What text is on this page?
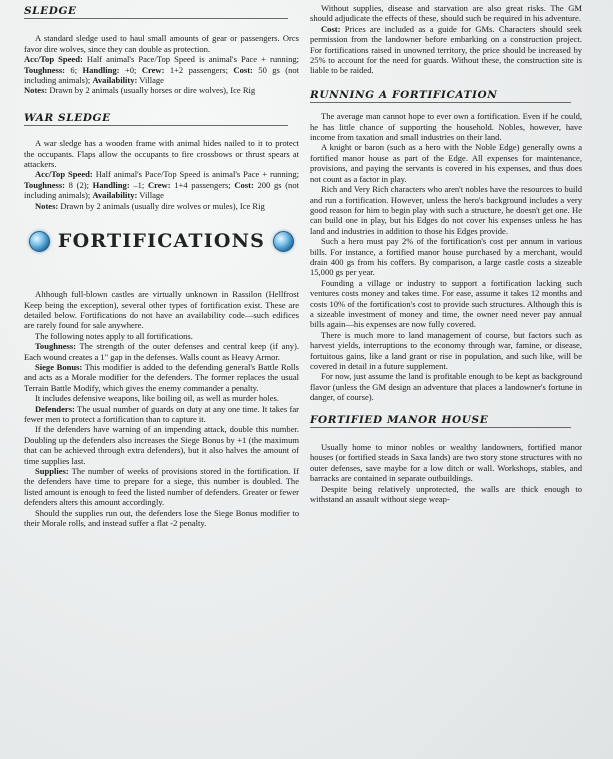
SLEDGE

A standard sledge used to haul small amounts of gear or passengers. Orcs favor dire wolves, since they can double as protection.

Acc/Top Speed: Half animal's Pace/Top Speed is animal's Pace + running; Toughness: 6; Handling: +0; Crew: 1+2 passengers; Cost: 50 gs (not including animals); Availability: Village

Notes: Drawn by 2 animals (usually horses or dire wolves), Ice Rig

WAR SLEDGE

A war sledge has a wooden frame with animal hides nailed to it to protect the occupants. Flaps allow the occupants to fire crossbows or thrust spears at attackers.

Acc/Top Speed: Half animal's Pace/Top Speed is animal's Pace + running; Toughness: 8 (2); Handling: –1; Crew: 1+4 passengers; Cost: 200 gs (not including animals); Availability: Village

Notes: Drawn by 2 animals (usually dire wolves or mules), Ice Rig

FORTIFICATIONS

Although full-blown castles are virtually unknown in Rassilon (Hellfrost Keep being the exception), several other types of fortification exist. These are detailed below. Fortifications do not have an availability code—such edifices are rarely found for sale anywhere.

The following notes apply to all fortifications.

Toughness: The strength of the outer defenses and central keep (if any). Each wound creates a 1" gap in the defenses. Walls count as Heavy Armor.

Siege Bonus: This modifier is added to the defending general's Battle Rolls and acts as a Morale modifier for the defenders. The former replaces the usual Terrain Battle Modify, which gives the enemy commander a penalty.

It includes defensive weapons, like boiling oil, as well as murder holes.

Defenders: The usual number of guards on duty at any one time. It takes far fewer men to protect a fortification than to capture it.

If the defenders have warning of an impending attack, double this number. Doubling up the defenders also increases the Siege Bonus by +1 (the maximum that can be achieved through extra defenders), but it also halves the amount of time supplies last.

Supplies: The number of weeks of provisions stored in the fortification. If the defenders have time to prepare for a siege, this number is doubled. The listed amount is enough to feed the listed number of defenders. Greater or fewer defenders alters this amount accordingly.

Should the supplies run out, the defenders lose the Siege Bonus modifier to their Morale rolls, and instead suffer a flat -2 penalty.

Without supplies, disease and starvation are also great risks. The GM should adjudicate the effects of these, should such be required in his adventure.

Cost: Prices are included as a guide for GMs. Characters should seek permission from the landowner before embarking on a construction project. For fortifications raised in unowned territory, the price should be increased by 25% to account for the need for guards. Without these, the construction site is liable to be raided.

RUNNING A FORTIFICATION

The average man cannot hope to ever own a fortification. Even if he could, he has little chance of supporting the household. Nobles, however, have income from taxation and small industries on their land.

A knight or baron (such as a hero with the Noble Edge) generally owns a fortified manor house as part of the Edge. All expenses for maintenance, provisions, and paying the servants is covered in his expenses, and thus does not count as a factor in play.

Rich and Very Rich characters who aren't nobles have the resources to build and run a fortification. However, unless the hero's background includes a very good reason for him to begin play with such a structure, he doesn't get one. He can build one in play, but his Edges do not cover his expenses unless he has land and industries in addition to those his Edges provide.

Such a hero must pay 2% of the fortification's cost per annum in various bills. For instance, a fortified manor house purchased by a merchant, would drain 400 gs from his coffers. By comparison, a large castle costs a sizeable 15,000 gs per year.

Founding a village or industry to support a fortification lacking such ventures costs money and takes time. For ease, assume it takes 12 months and costs 10% of the fortification's cost to provide such structures. Although this is a sizeable investment of money and time, the owner need never pay annual bills again—his expenses are now fully covered.

There is much more to land management of course, but factors such as harvest yields, interruptions to the economy through war, famine, or disease, fortuitous gains, like a land grant or rise in population, and such like, will be covered in detail in a future supplement.

For now, just assume the land is profitable enough to be kept as background flavor (unless the GM design an adventure that places a landowner's fortune in danger, of course).

FORTIFIED MANOR HOUSE

Usually home to minor nobles or wealthy landowners, fortified manor houses (or fortified steads in Saxa lands) are two story stone structures with no outer defenses, save maybe for a low ditch or wall. Workshops, stables, and barracks are contained in separate outbuildings.

Despite being relatively unprotected, the walls are thick enough to withstand an assault without siege weap-
